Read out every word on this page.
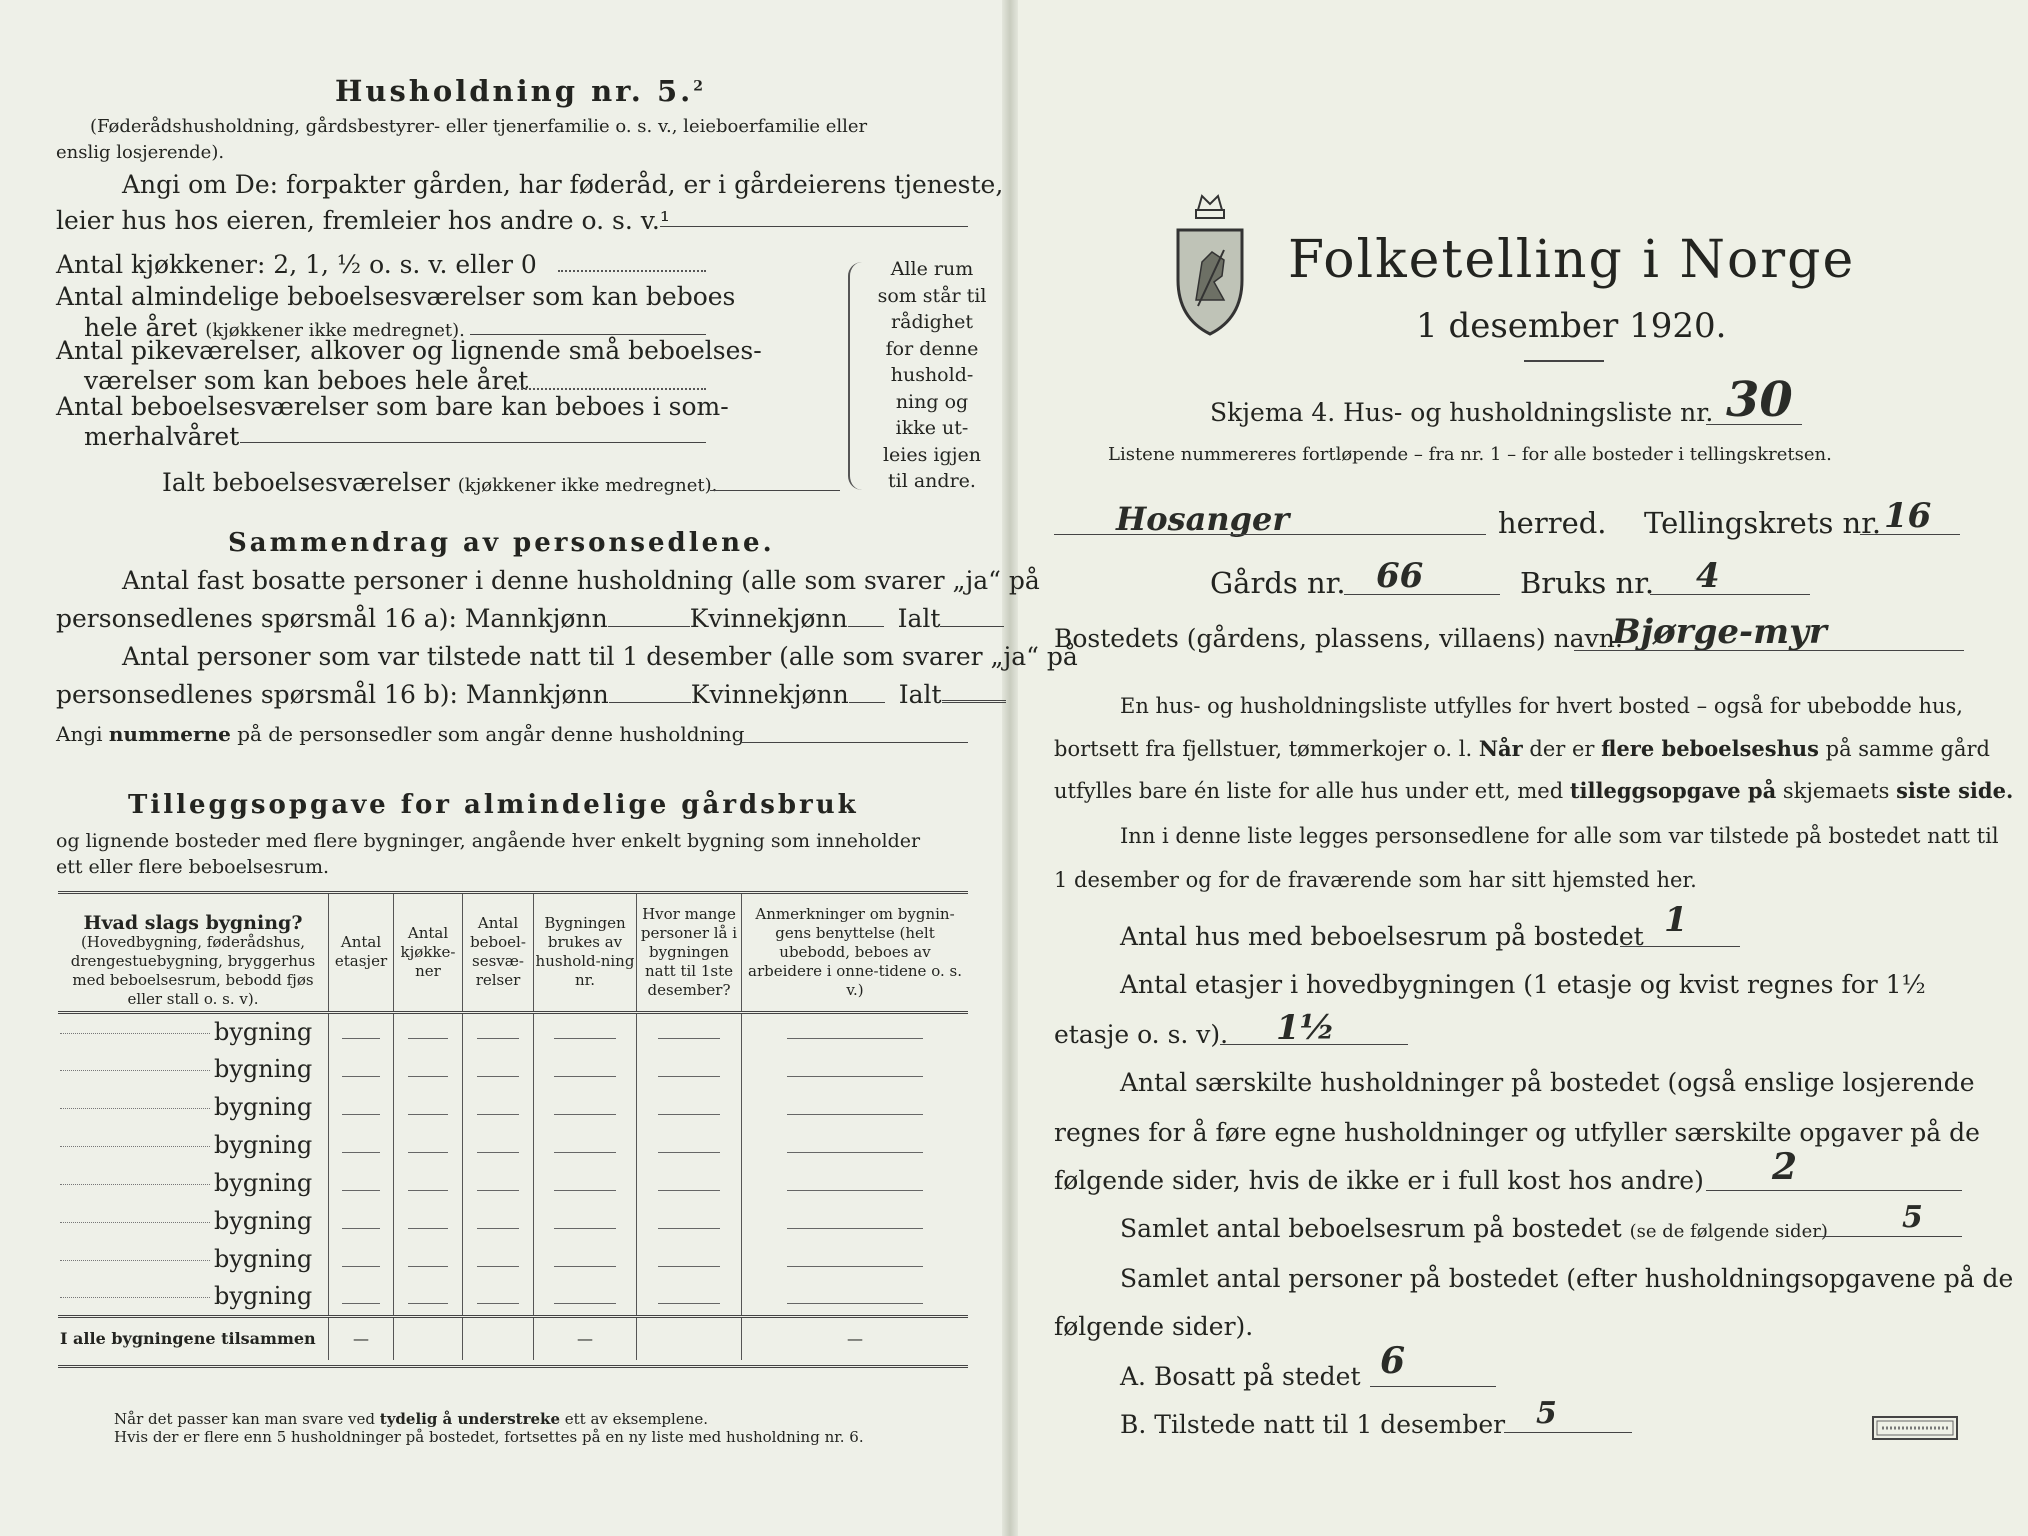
Husholdning nr. 5.$^2$
(Føderådshusholdning, gårdsbestyrer- eller tjenerfamilie o. s. v., leieboerfamilie eller
enslig losjerende).
Angi om De: forpakter gården, har føderåd, er i gårdeierens tjeneste,
leier hus hos eieren, fremleier hos andre o. s. v.¹
Antal kjøkkener: 2, 1, ½ o. s. v. eller 0
Antal almindelige beboelsesværelser som kan beboes
hele året (kjøkkener ikke medregnet).
Antal pikeværelser, alkover og lignende små beboelses-
værelser som kan beboes hele året
Antal beboelsesværelser som bare kan beboes i som-
merhalvåret
Ialt beboelsesværelser (kjøkkener ikke medregnet).
Alle rum
som står til
rådighet
for denne
hushold-
ning og
ikke ut-
leies igjen
til andre.
Sammendrag av personsedlene.
Antal fast bosatte personer i denne husholdning (alle som svarer „ja“ på
personsedlenes spørsmål 16 a): Mannkjønn	Kvinnekjønn Ialt
Antal personer som var tilstede natt til 1 desember (alle som svarer „ja“ på
personsedlenes spørsmål 16 b): Mannkjønn	Kvinnekjønn Ialt
Angi nummerne på de personsedler som angår denne husholdning
Tilleggsopgave for almindelige gårdsbruk
og lignende bosteder med flere bygninger, angående hver enkelt bygning som inneholder
ett eller flere beboelsesrum.

Hvad slags bygning?
(Hovedbygning, føderådshus, drengestuebygning, bryggerhus med beboelsesrum, bebodd fjøs eller stall o. s. v).	Antal etasjer	Antal kjøkke-ner	Antal beboel-sesvæ-relser	Bygningen brukes av hushold-ning nr.	Hvor mange personer lå i bygningen natt til 1ste desember?	Anmerkninger om bygnin-gens benyttelse (helt ubebodd, beboes av arbeidere i onne-tidene o. s. v.)

bygning	

bygning	

bygning	

bygning	

bygning	

bygning	

bygning	

bygning	

I alle bygningene tilsammen	—			—		—

Når det passer kan man svare ved tydelig å understreke ett av eksemplene.
Hvis der er flere enn 5 husholdninger på bostedet, fortsettes på en ny liste med husholdning nr. 6.
Folketelling i Norge
1 desember 1920.
Skjema 4. Hus- og husholdningsliste nr. 30
Listene nummereres fortløpende – fra nr. 1 – for alle bosteder i tellingskretsen.
Hosanger	herred. Tellingskrets nr. 16
Gårds nr. 66	Bruks nr. 4
Bostedets (gårdens, plassens, villaens) navn:
Bjørge-myr
En hus- og husholdningsliste utfylles for hvert bosted – også for ubebodde hus,
bortsett fra fjellstuer, tømmerkojer o. l. Når der er flere beboelseshus på samme gård
utfylles bare én liste for alle hus under ett, med tilleggsopgave på skjemaets siste side.
Inn i denne liste legges personsedlene for alle som var tilstede på bostedet natt til
1 desember og for de fraværende som har sitt hjemsted her.
Antal hus med beboelsesrum på bostedet 1
Antal etasjer i hovedbygningen (1 etasje og kvist regnes for 1½
etasje o. s. v). 1½
Antal særskilte husholdninger på bostedet (også enslige losjerende
regnes for å føre egne husholdninger og utfyller særskilte opgaver på de
følgende sider, hvis de ikke er i full kost hos andre) 2
Samlet antal beboelsesrum på bostedet (se de følgende sider) 5
Samlet antal personer på bostedet (efter husholdningsopgavene på de
følgende sider).
A. Bosatt på stedet 6
B. Tilstede natt til 1 desember 5
